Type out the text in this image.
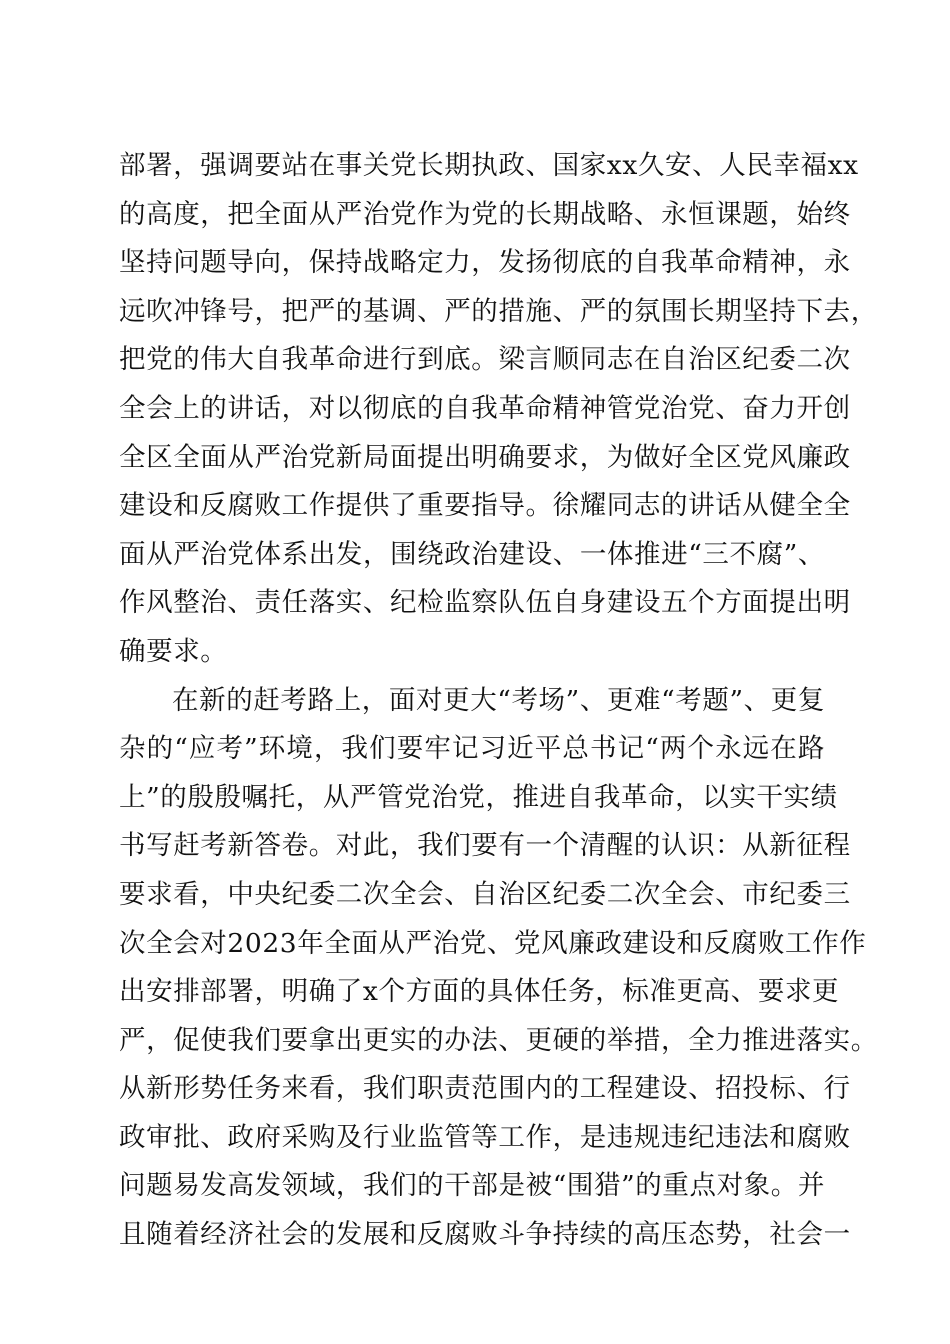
部署，强调要站在事关党长期执政、国家xx久安、人民幸福xx
的高度，把全面从严治党作为党的长期战略、永恒课题，始终
坚持问题导向，保持战略定力，发扬彻底的自我革命精神，永
远吹冲锋号，把严的基调、严的措施、严的氛围长期坚持下去，
把党的伟大自我革命进行到底。梁言顺同志在自治区纪委二次
全会上的讲话，对以彻底的自我革命精神管党治党、奋力开创
全区全面从严治党新局面提出明确要求，为做好全区党风廉政
建设和反腐败工作提供了重要指导。徐耀同志的讲话从健全全
面从严治党体系出发，围绕政治建设、一体推进“三不腐”、
作风整治、责任落实、纪检监察队伍自身建设五个方面提出明
确要求。
在新的赶考路上，面对更大“考场”、更难“考题”、更复
杂的“应考”环境，我们要牢记习近平总书记“两个永远在路
上”的殷殷嘱托，从严管党治党，推进自我革命，以实干实绩
书写赶考新答卷。对此，我们要有一个清醒的认识：从新征程
要求看，中央纪委二次全会、自治区纪委二次全会、市纪委三
次全会对2023年全面从严治党、党风廉政建设和反腐败工作作
出安排部署，明确了x个方面的具体任务，标准更高、要求更
严，促使我们要拿出更实的办法、更硬的举措，全力推进落实。
从新形势任务来看，我们职责范围内的工程建设、招投标、行
政审批、政府采购及行业监管等工作，是违规违纪违法和腐败
问题易发高发领域，我们的干部是被“围猎”的重点对象。并
且随着经济社会的发展和反腐败斗争持续的高压态势，社会一
